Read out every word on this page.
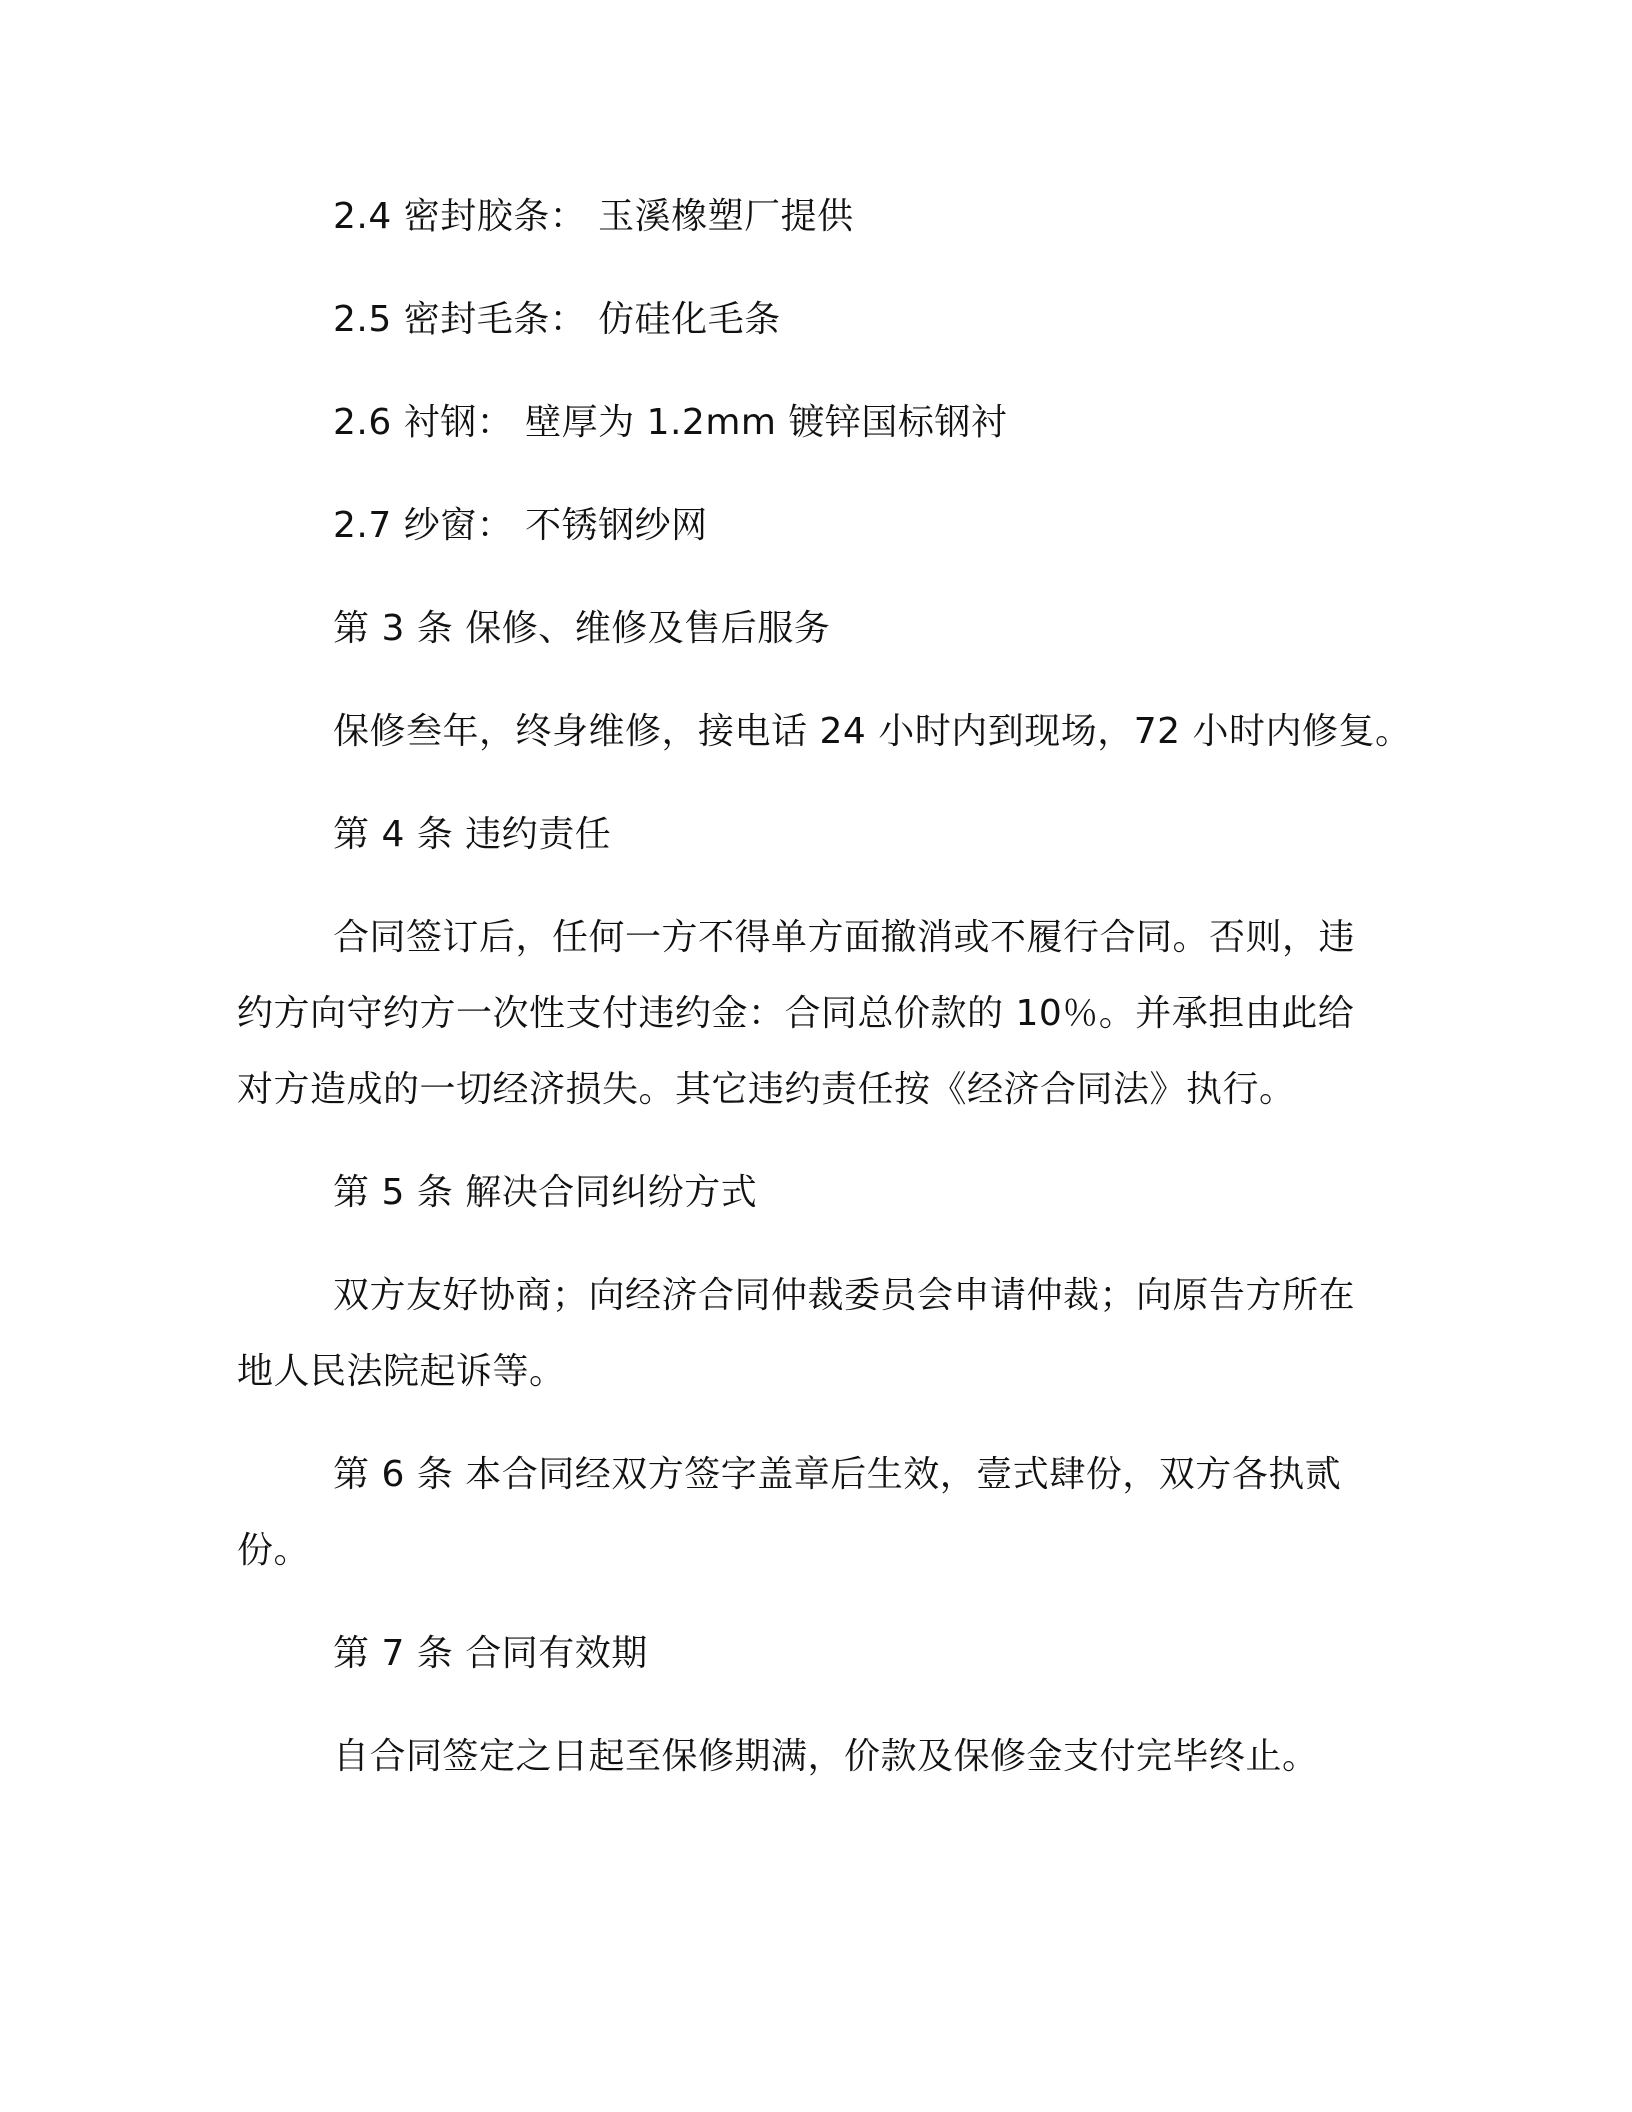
2.4 密封胶条： 玉溪橡塑厂提供
2.5 密封毛条： 仿硅化毛条
2.6 衬钢： 壁厚为 1.2mm 镀锌国标钢衬
2.7 纱窗： 不锈钢纱网
第 3 条 保修、维修及售后服务
保修叁年，终身维修，接电话 24 小时内到现场，72 小时内修复。
第 4 条 违约责任
合同签订后，任何一方不得单方面撤消或不履行合同。否则，违
约方向守约方一次性支付违约金：合同总价款的 10％。并承担由此给
对方造成的一切经济损失。其它违约责任按《经济合同法》执行。
第 5 条 解决合同纠纷方式
双方友好协商；向经济合同仲裁委员会申请仲裁；向原告方所在
地人民法院起诉等。
第 6 条 本合同经双方签字盖章后生效，壹式肆份，双方各执贰
份。
第 7 条 合同有效期
自合同签定之日起至保修期满，价款及保修金支付完毕终止。
